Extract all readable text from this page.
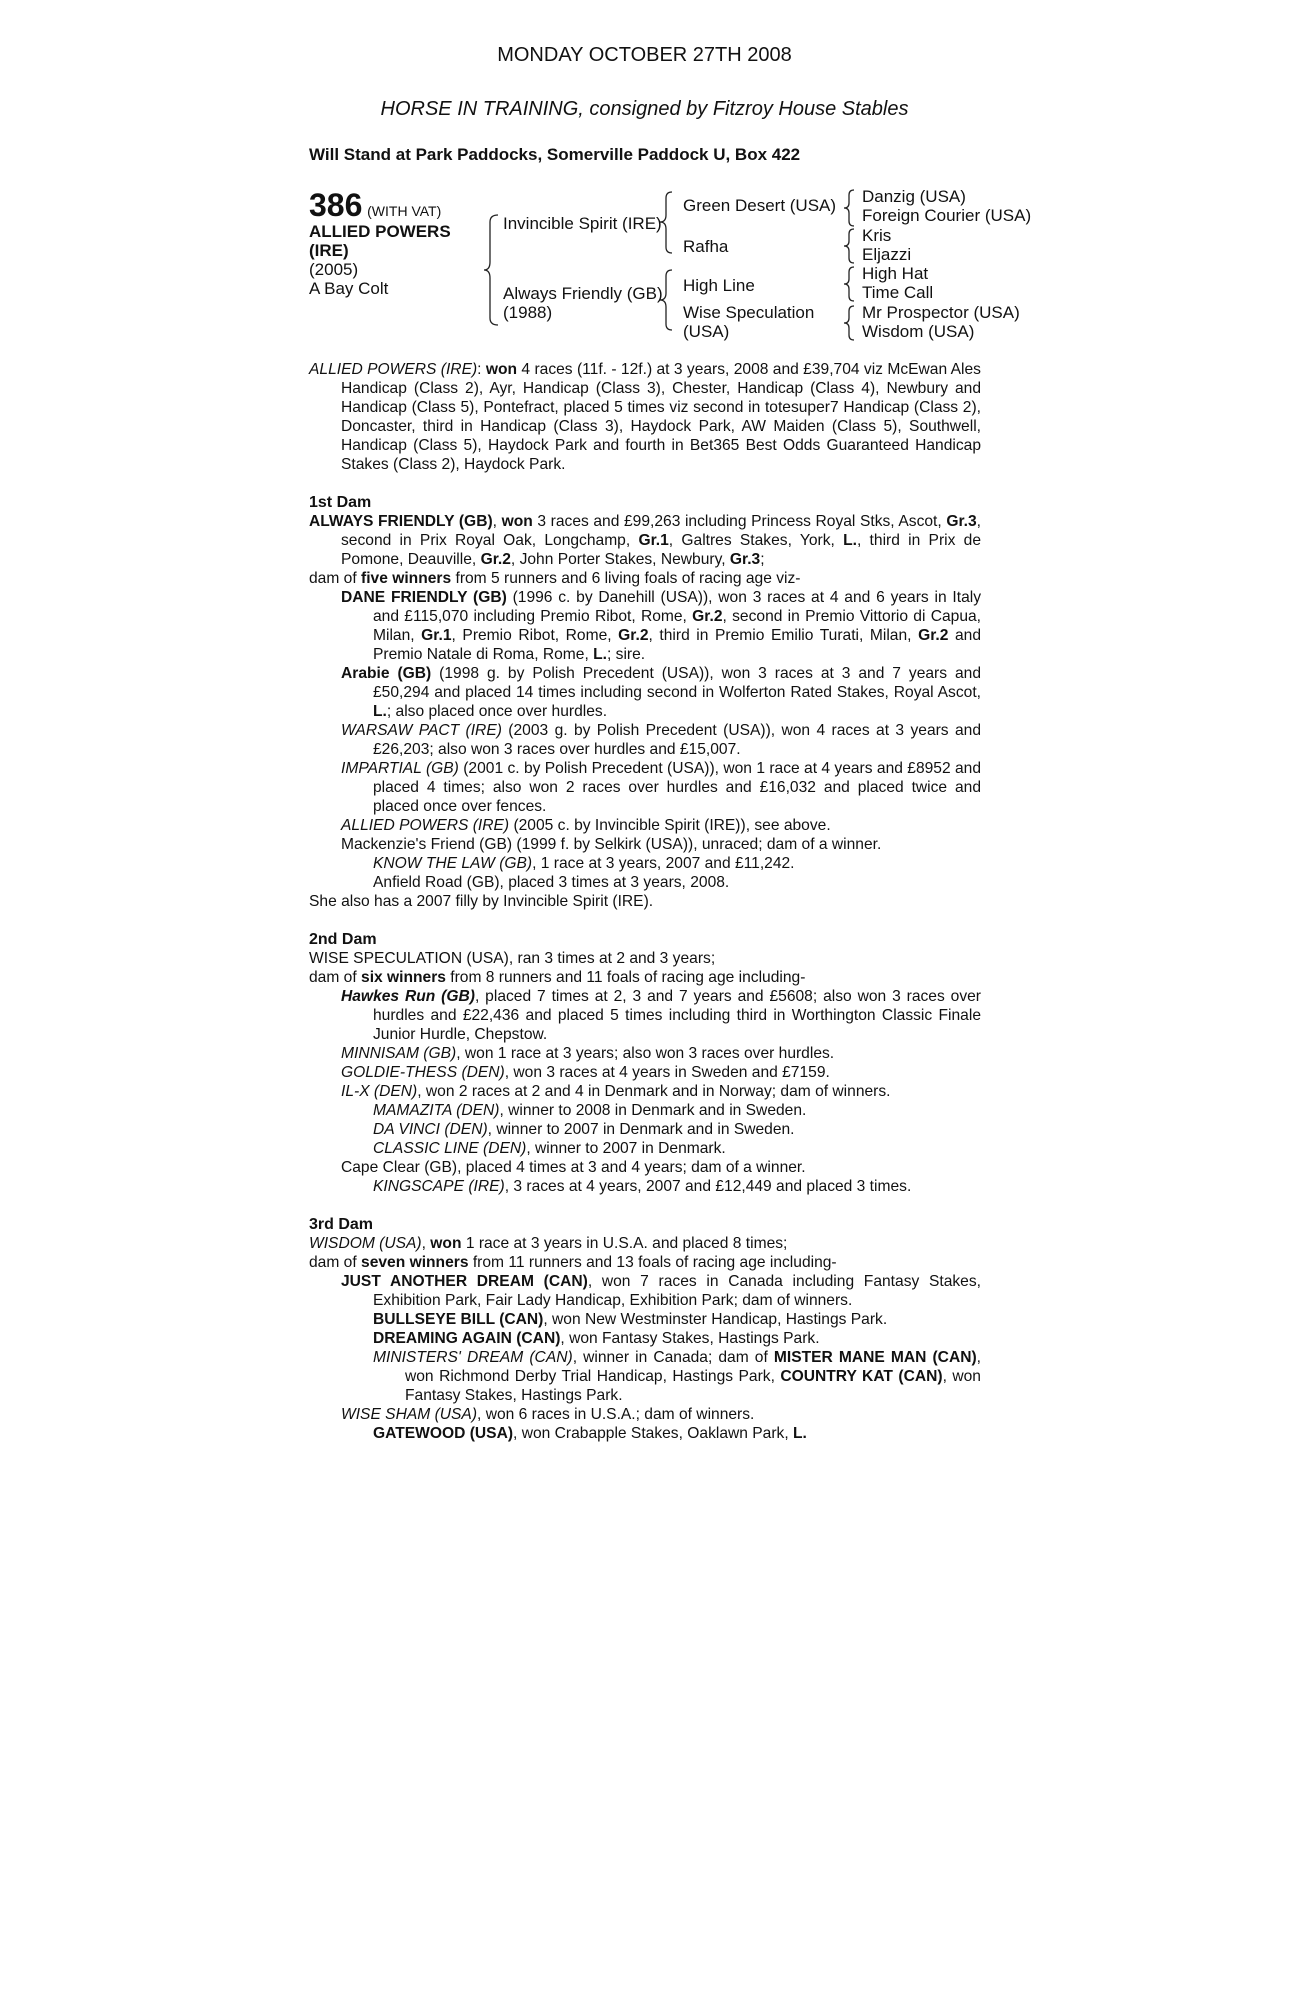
MONDAY OCTOBER 27TH 2008
HORSE IN TRAINING, consigned by Fitzroy House Stables
Will Stand at Park Paddocks, Somerville Paddock U, Box 422
386 (WITH VAT)
ALLIED POWERS
(IRE)
(2005)
A Bay Colt
Invincible Spirit (IRE)
Always Friendly (GB)
(1988)
Green Desert (USA)
Rafha
High Line
Wise Speculation
(USA)
Danzig (USA)
Foreign Courier (USA)
Kris
Eljazzi
High Hat
Time Call
Mr Prospector (USA)
Wisdom (USA)

ALLIED POWERS (IRE): won 4 races (11f. - 12f.) at 3 years, 2008 and £39,704 viz McEwan Ales Handicap (Class 2), Ayr, Handicap (Class 3), Chester, Handicap (Class 4), Newbury and Handicap (Class 5), Pontefract, placed 5 times viz second in totesuper7 Handicap (Class 2), Doncaster, third in Handicap (Class 3), Haydock Park, AW Maiden (Class 5), Southwell, Handicap (Class 5), Haydock Park and fourth in Bet365 Best Odds Guaranteed Handicap Stakes (Class 2), Haydock Park.

1st Dam

ALWAYS FRIENDLY (GB), won 3 races and £99,263 including Princess Royal Stks, Ascot, Gr.3, second in Prix Royal Oak, Longchamp, Gr.1, Galtres Stakes, York, L., third in Prix de Pomone, Deauville, Gr.2, John Porter Stakes, Newbury, Gr.3;

dam of five winners from 5 runners and 6 living foals of racing age viz-

DANE FRIENDLY (GB) (1996 c. by Danehill (USA)), won 3 races at 4 and 6 years in Italy and £115,070 including Premio Ribot, Rome, Gr.2, second in Premio Vittorio di Capua, Milan, Gr.1, Premio Ribot, Rome, Gr.2, third in Premio Emilio Turati, Milan, Gr.2 and Premio Natale di Roma, Rome, L.; sire.

Arabie (GB) (1998 g. by Polish Precedent (USA)), won 3 races at 3 and 7 years and £50,294 and placed 14 times including second in Wolferton Rated Stakes, Royal Ascot, L.; also placed once over hurdles.

WARSAW PACT (IRE) (2003 g. by Polish Precedent (USA)), won 4 races at 3 years and £26,203; also won 3 races over hurdles and £15,007.

IMPARTIAL (GB) (2001 c. by Polish Precedent (USA)), won 1 race at 4 years and £8952 and placed 4 times; also won 2 races over hurdles and £16,032 and placed twice and placed once over fences.

ALLIED POWERS (IRE) (2005 c. by Invincible Spirit (IRE)), see above.

Mackenzie's Friend (GB) (1999 f. by Selkirk (USA)), unraced; dam of a winner.

KNOW THE LAW (GB), 1 race at 3 years, 2007 and £11,242.

Anfield Road (GB), placed 3 times at 3 years, 2008.

She also has a 2007 filly by Invincible Spirit (IRE).

2nd Dam

WISE SPECULATION (USA), ran 3 times at 2 and 3 years;

dam of six winners from 8 runners and 11 foals of racing age including-

Hawkes Run (GB), placed 7 times at 2, 3 and 7 years and £5608; also won 3 races over hurdles and £22,436 and placed 5 times including third in Worthington Classic Finale Junior Hurdle, Chepstow.

MINNISAM (GB), won 1 race at 3 years; also won 3 races over hurdles.

GOLDIE-THESS (DEN), won 3 races at 4 years in Sweden and £7159.

IL-X (DEN), won 2 races at 2 and 4 in Denmark and in Norway; dam of winners.

MAMAZITA (DEN), winner to 2008 in Denmark and in Sweden.

DA VINCI (DEN), winner to 2007 in Denmark and in Sweden.

CLASSIC LINE (DEN), winner to 2007 in Denmark.

Cape Clear (GB), placed 4 times at 3 and 4 years; dam of a winner.

KINGSCAPE (IRE), 3 races at 4 years, 2007 and £12,449 and placed 3 times.

3rd Dam

WISDOM (USA), won 1 race at 3 years in U.S.A. and placed 8 times;

dam of seven winners from 11 runners and 13 foals of racing age including-

JUST ANOTHER DREAM (CAN), won 7 races in Canada including Fantasy Stakes, Exhibition Park, Fair Lady Handicap, Exhibition Park; dam of winners.

BULLSEYE BILL (CAN), won New Westminster Handicap, Hastings Park.

DREAMING AGAIN (CAN), won Fantasy Stakes, Hastings Park.

MINISTERS' DREAM (CAN), winner in Canada; dam of MISTER MANE MAN (CAN), won Richmond Derby Trial Handicap, Hastings Park, COUNTRY KAT (CAN), won Fantasy Stakes, Hastings Park.

WISE SHAM (USA), won 6 races in U.S.A.; dam of winners.

GATEWOOD (USA), won Crabapple Stakes, Oaklawn Park, L.
